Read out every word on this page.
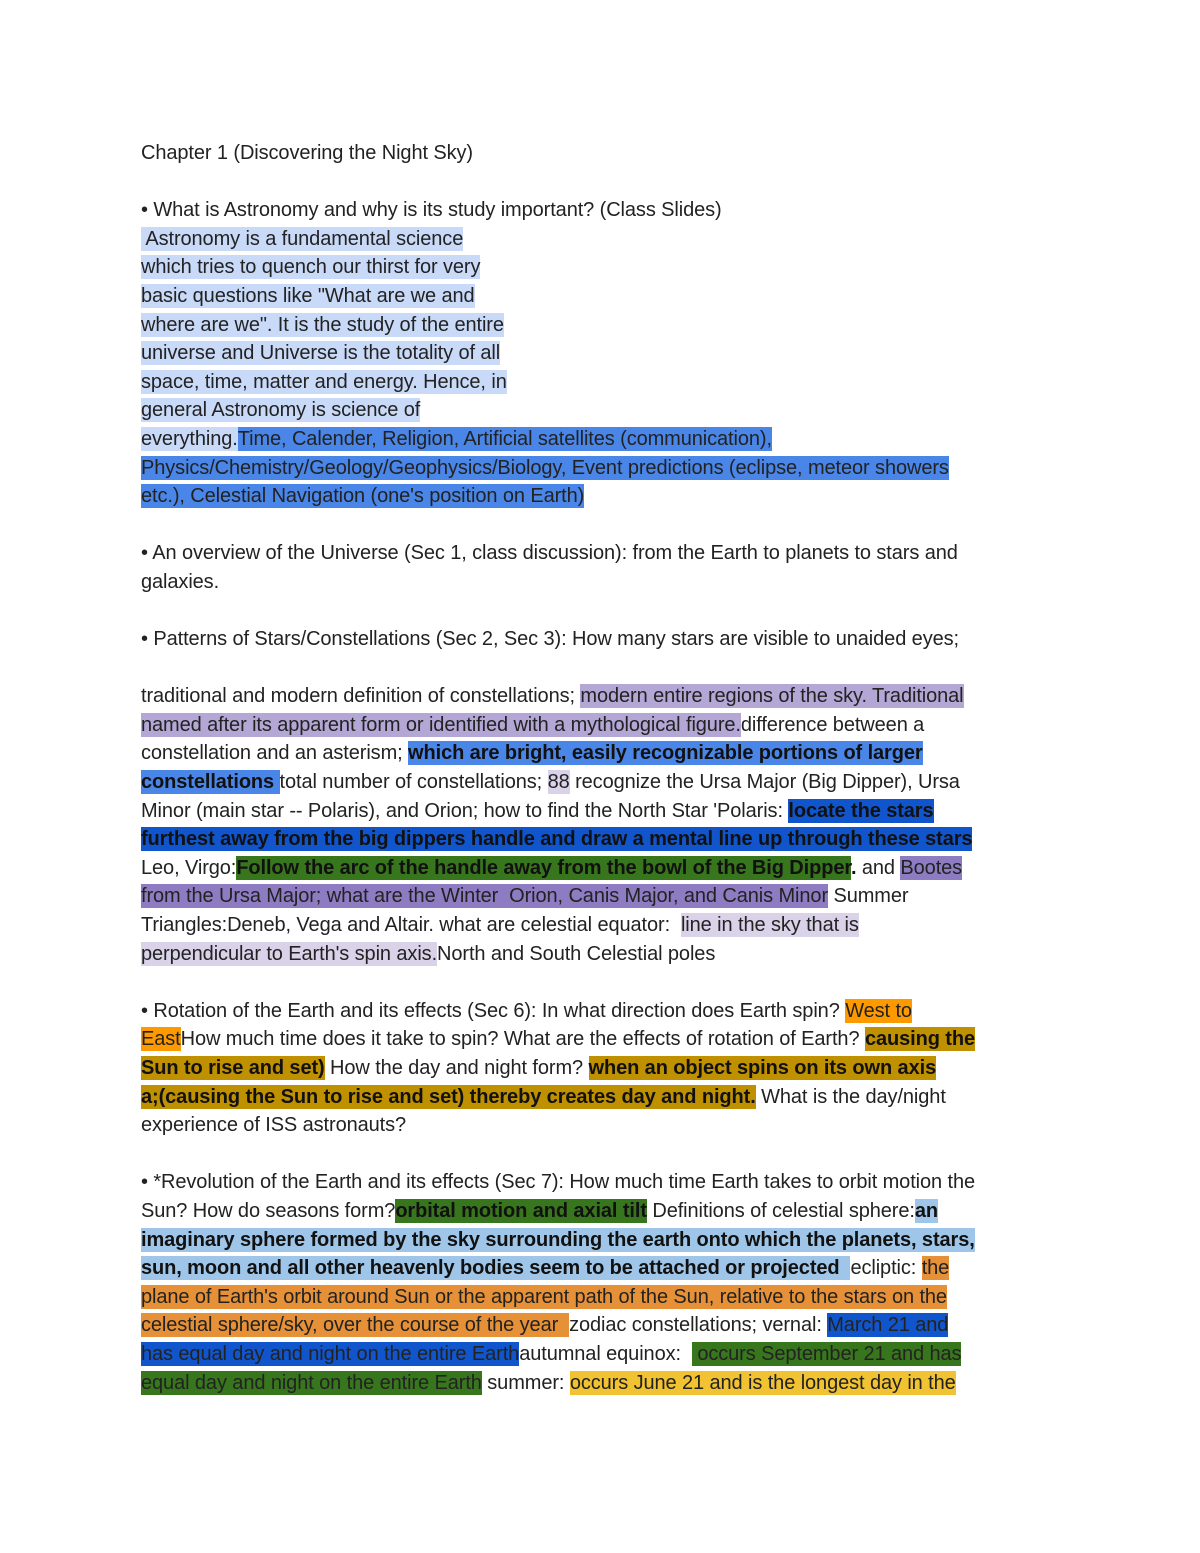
Chapter 1 (Discovering the Night Sky)
• What is Astronomy and why is its study important? (Class Slides)
Astronomy is a fundamental science
which tries to quench our thirst for very
basic questions like "What are we and
where are we". It is the study of the entire
universe and Universe is the totality of all
space, time, matter and energy. Hence, in
general Astronomy is science of
everything.Time, Calender, Religion, Artificial satellites (communication),
Physics/Chemistry/Geology/Geophysics/Biology, Event predictions (eclipse, meteor showers
etc.), Celestial Navigation (one's position on Earth)
• An overview of the Universe (Sec 1, class discussion): from the Earth to planets to stars and
galaxies.
• Patterns of Stars/Constellations (Sec 2, Sec 3): How many stars are visible to unaided eyes;
traditional and modern definition of constellations; modern entire regions of the sky. Traditional
named after its apparent form or identified with a mythological figure.difference between a
constellation and an asterism; which are bright, easily recognizable portions of larger
constellations total number of constellations; 88 recognize the Ursa Major (Big Dipper), Ursa
Minor (main star -- Polaris), and Orion; how to find the North Star 'Polaris: locate the stars
furthest away from the big dippers handle and draw a mental line up through these stars
Leo, Virgo:Follow the arc of the handle away from the bowl of the Big Dipper. and Bootes
from the Ursa Major; what are the Winter  Orion, Canis Major, and Canis Minor Summer
Triangles:Deneb, Vega and Altair. what are celestial equator:  line in the sky that is
perpendicular to Earth's spin axis.North and South Celestial poles
• Rotation of the Earth and its effects (Sec 6): In what direction does Earth spin? West to
EastHow much time does it take to spin? What are the effects of rotation of Earth? causing the
Sun to rise and set) How the day and night form? when an object spins on its own axis
a;(causing the Sun to rise and set) thereby creates day and night. What is the day/night
experience of ISS astronauts?
• *Revolution of the Earth and its effects (Sec 7): How much time Earth takes to orbit motion the
Sun? How do seasons form?orbital motion and axial tilt Definitions of celestial sphere:an
imaginary sphere formed by the sky surrounding the earth onto which the planets, stars,
sun, moon and all other heavenly bodies seem to be attached or projected  ecliptic: the
plane of Earth's orbit around Sun or the apparent path of the Sun, relative to the stars on the
celestial sphere/sky, over the course of the year  zodiac constellations; vernal: March 21 and
has equal day and night on the entire Earthautumnal equinox:   occurs September 21 and has
equal day and night on the entire Earth summer: occurs June 21 and is the longest day in the
